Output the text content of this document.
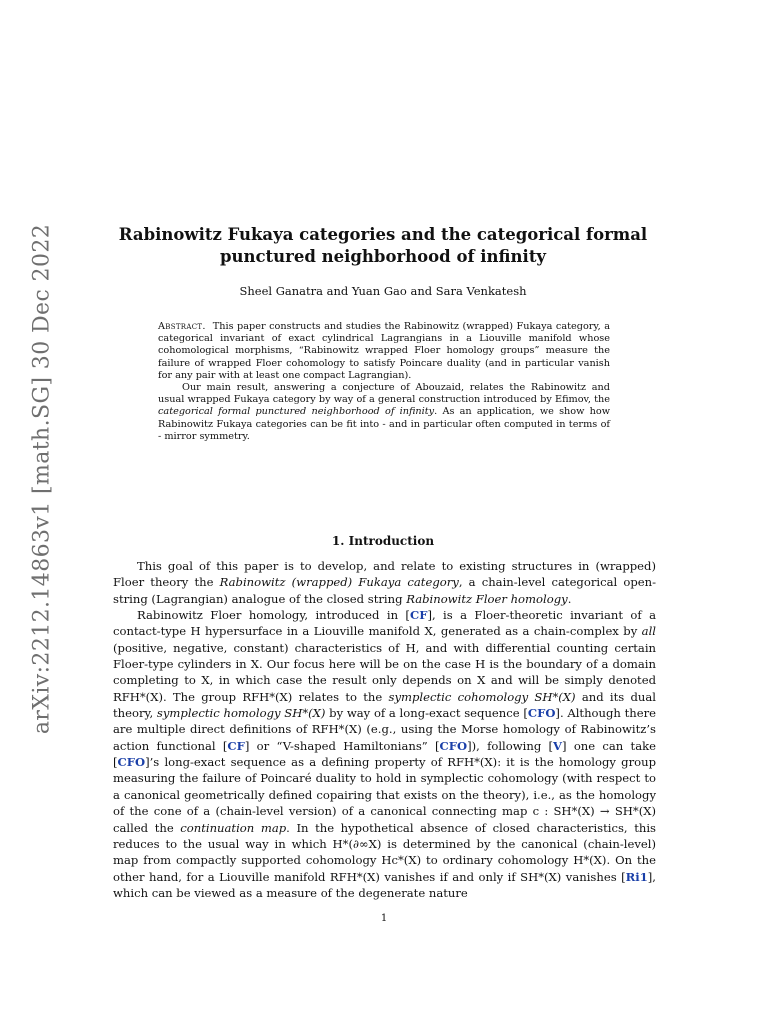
arXiv:2212.14863v1 [math.SG] 30 Dec 2022	Rabinowitz Fukaya categories and the categorical formal
punctured neighborhood of infinity
Sheel Ganatra and Yuan Gao and Sara Venkatesh

Abstract. This paper constructs and studies the Rabinowitz (wrapped) Fukaya category, a categorical invariant of exact cylindrical Lagrangians in a Liouville manifold whose cohomological morphisms, “Rabinowitz wrapped Floer homology groups” measure the failure of wrapped Floer cohomology to satisfy Poincare duality (and in particular vanish for any pair with at least one compact Lagrangian).

Our main result, answering a conjecture of Abouzaid, relates the Rabinowitz and usual wrapped Fukaya category by way of a general construction introduced by Efimov, the categorical formal punctured neighborhood of infinity. As an application, we show how Rabinowitz Fukaya categories can be fit into - and in particular often computed in terms of - mirror symmetry.

1. Introduction

This goal of this paper is to develop, and relate to existing structures in (wrapped) Floer theory the Rabinowitz (wrapped) Fukaya category, a chain-level categorical open-string (Lagrangian) analogue of the closed string Rabinowitz Floer homology.

Rabinowitz Floer homology, introduced in [CF], is a Floer-theoretic invariant of a contact-type H hypersurface in a Liouville manifold X, generated as a chain-complex by all (positive, negative, constant) characteristics of H, and with differential counting certain Floer-type cylinders in X. Our focus here will be on the case H is the boundary of a domain completing to X, in which case the result only depends on X and will be simply denoted RFH*(X). The group RFH*(X) relates to the symplectic cohomology SH*(X) and its dual theory, symplectic homology SH*(X) by way of a long-exact sequence [CFO]. Although there are multiple direct definitions of RFH*(X) (e.g., using the Morse homology of Rabinowitz’s action functional [CF] or “V-shaped Hamiltonians” [CFO]), following [V] one can take [CFO]’s long-exact sequence as a defining property of RFH*(X): it is the homology group measuring the failure of Poincaré duality to hold in symplectic cohomology (with respect to a canonical geometrically defined copairing that exists on the theory), i.e., as the homology of the cone of a (chain-level version) of a canonical connecting map c : SH*(X) → SH*(X) called the continuation map. In the hypothetical absence of closed characteristics, this reduces to the usual way in which H*(∂∞X) is determined by the canonical (chain-level) map from compactly supported cohomology Hc*(X) to ordinary cohomology H*(X). On the other hand, for a Liouville manifold RFH*(X) vanishes if and only if SH*(X) vanishes [Ri1], which can be viewed as a measure of the degenerate nature

1
